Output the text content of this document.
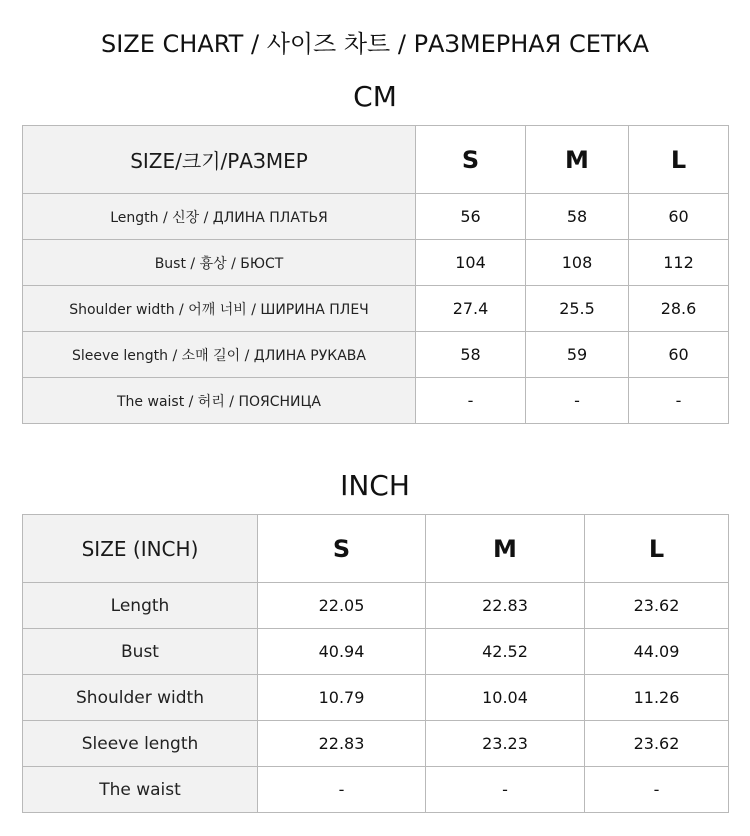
SIZE CHART / 사이즈 차트 / РАЗМЕРНАЯ СЕТКА
CM
SIZE/크기/РАЗМЕР	S	M	L
Length / 신장 / ДЛИНА ПЛАТЬЯ	56	58	60
Bust / 흉상 / БЮСТ	104	108	112
Shoulder width / 어깨 너비 / ШИРИНА ПЛЕЧ	27.4	25.5	28.6
Sleeve length / 소매 길이 / ДЛИНА РУКАВА	58	59	60
The waist / 허리 / ПОЯСНИЦА	-	-	-
INCH
SIZE (INCH)	S	M	L
Length	22.05	22.83	23.62
Bust	40.94	42.52	44.09
Shoulder width	10.79	10.04	11.26
Sleeve length	22.83	23.23	23.62
The waist	-	-	-
